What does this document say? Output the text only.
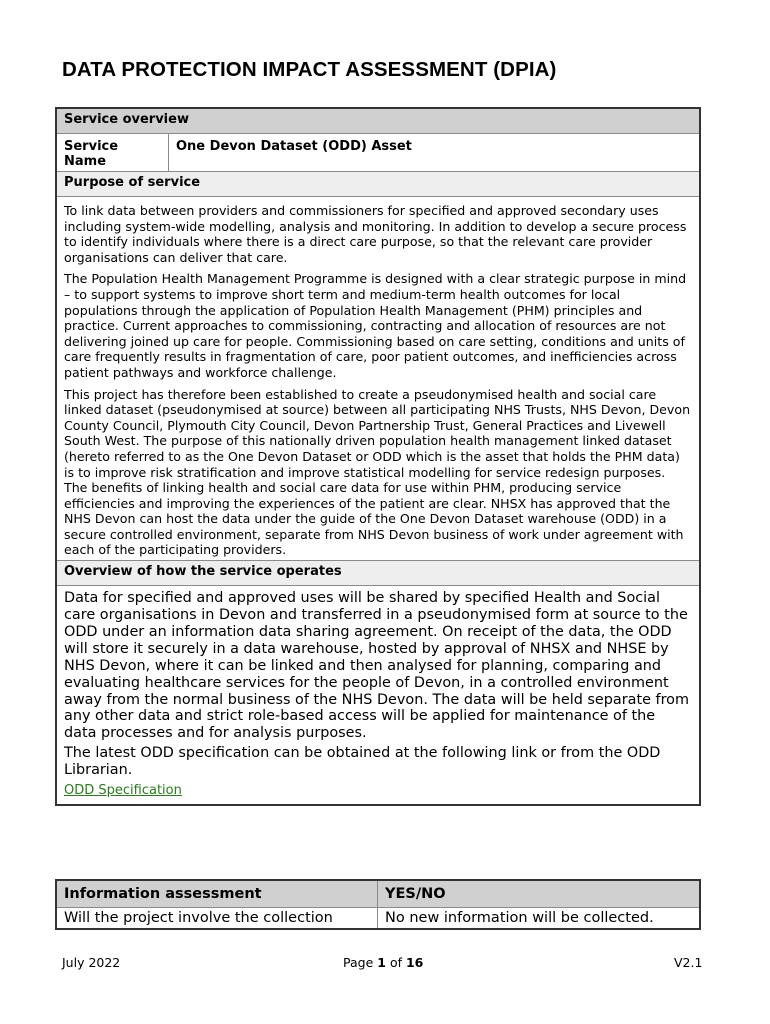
DATA PROTECTION IMPACT ASSESSMENT (DPIA)
Service overview
Service Name	One Devon Dataset (ODD) Asset
Purpose of service

To link data between providers and commissioners for specified and approved secondary uses including system-wide modelling, analysis and monitoring. In addition to develop a secure process to identify individuals where there is a direct care purpose, so that the relevant care provider organisations can deliver that care.

The Population Health Management Programme is designed with a clear strategic purpose in mind – to support systems to improve short term and medium-term health outcomes for local populations through the application of Population Health Management (PHM) principles and practice. Current approaches to commissioning, contracting and allocation of resources are not delivering joined up care for people. Commissioning based on care setting, conditions and units of care frequently results in fragmentation of care, poor patient outcomes, and inefficiencies across patient pathways and workforce challenge.

This project has therefore been established to create a pseudonymised health and social care linked dataset (pseudonymised at source) between all participating NHS Trusts, NHS Devon, Devon County Council, Plymouth City Council, Devon Partnership Trust, General Practices and Livewell South West. The purpose of this nationally driven population health management linked dataset (hereto referred to as the One Devon Dataset or ODD which is the asset that holds the PHM data) is to improve risk stratification and improve statistical modelling for service redesign purposes. The benefits of linking health and social care data for use within PHM, producing service efficiencies and improving the experiences of the patient are clear. NHSX has approved that the NHS Devon can host the data under the guide of the One Devon Dataset warehouse (ODD) in a secure controlled environment, separate from NHS Devon business of work under agreement with each of the participating providers.

Overview of how the service operates

Data for specified and approved uses will be shared by specified Health and Social care organisations in Devon and transferred in a pseudonymised form at source to the ODD under an information data sharing agreement. On receipt of the data, the ODD will store it securely in a data warehouse, hosted by approval of NHSX and NHSE by NHS Devon, where it can be linked and then analysed for planning, comparing and evaluating healthcare services for the people of Devon, in a controlled environment away from the normal business of the NHS Devon. The data will be held separate from any other data and strict role-based access will be applied for maintenance of the data processes and for analysis purposes.

The latest ODD specification can be obtained at the following link or from the ODD Librarian.

ODD Specification
Information assessment	YES/NO
Will the project involve the collection	No new information will be collected.
July 2022	Page 1 of 16	V2.1
